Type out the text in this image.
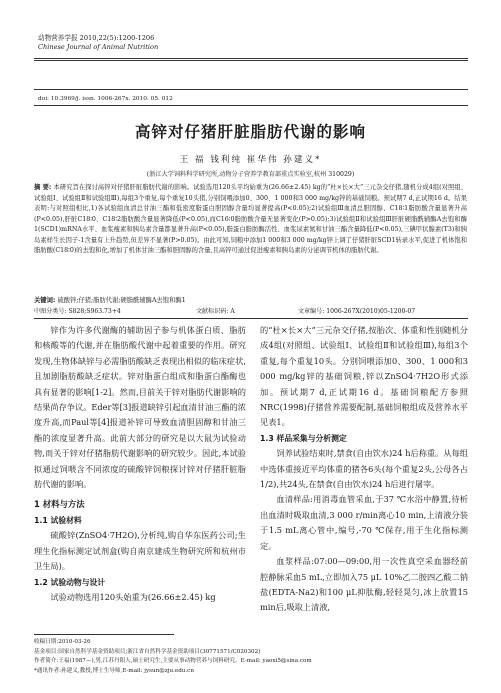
动物营养学报 2010,22(5):1200-1206
Chinese Journal of Animal Nutrition
doi: 10.3969/j. issn. 1006-267x. 2010. 05. 012
高锌对仔猪肝脏脂肪代谢的影响
王 福 钱利纯 崔华伟 孙建义*
(浙江大学饲料科学研究所,动物分子营养学教育部重点实验室,杭州 310029)
摘 要: 本研究旨在探讨高锌对仔猪肝脏脂肪代谢的影响。试验选用120头平均始重为(26.66±2.45) kg的“杜×长×大”三元杂交仔猪,随机分成4组(对照组、试验组Ⅰ、试验组Ⅱ和试验组Ⅲ),每组3个重复,每个重复10头猪,分别饲喂添加0、300、1 000和3 000 mg/kg锌的基础饲粮。预试期7 d,正试期16 d。结果表明:与对照组相比,1)各试验组血清总甘油三酯和低密度脂蛋白胆固醇含量均显著提高(P<0.05);2)试验组Ⅲ血清总胆固醇、C18∶1脂肪酸含量显著升高(P<0.05),肝脏C18∶0、C18∶2脂肪酸含量显著降低(P<0.05),而C16∶0脂肪酸含量无显著变化(P>0.05);3)试验组Ⅱ和试验组Ⅲ肝脏硬脂酰辅酶A去饱和酶1(SCD1)mRNA水平、血浆瘦素和胰岛素含量都显著升高(P<0.05),脂蛋白脂肪酶活性、血浆尿素氮和甘油三酯含量降低(P<0.05),三碘甲状腺素(T3)和胰岛素样生长因子-1含量有上升趋势,但差异不显著(P>0.05)。由此可知,饲粮中添加1 000和3 000 mg/kg锌上调了仔猪肝脏SCD1转录水平,促进了机体饱和脂肪酸(C18∶0)的去饱和化,增加了机体甘油三酯和胆固醇的含量,且高锌可通过促进瘦素和胰岛素的分泌调节机体的脂肪代谢。
关键词: 硫酸锌;仔猪;脂肪代谢;硬脂酰辅酶A去饱和酶1
中图分类号: S828;S963.73+4	文献标识码: A	文章编号: 1006-267X(2010)05-1200-07

锌作为许多代谢酶的辅助因子参与机体蛋白质、脂肪和核酸等的代谢,并在脂肪酸代谢中起着重要的作用。研究发现,生物体缺锌与必需脂肪酸缺乏表现出相似的临床症状,且加剧脂肪酸缺乏症状。锌对脂蛋白组成和脂蛋白酯酶也具有显著的影响[1-2]。然而,目前关于锌对脂肪代谢影响的结果尚存争议。Eder等[3]报道缺锌引起血清甘油三酯的浓度升高,而Paul等[4]报道补锌可导致血清胆固醇和甘油三酯的浓度显著升高。此前大部分的研究是以大鼠为试验动物,而关于锌对仔猪脂肪代谢影响的研究较少。因此,本试验拟通过饲喂含不同浓度的硫酸锌饲粮探讨锌对仔猪肝脏脂肪代谢的影响。

1 材料与方法
1.1 试验材料

硫酸锌(ZnSO4·7H2O),分析纯,购自华东医药公司;生理生化指标测定试剂盒(购自南京建成生物研究所和杭州市卫生局)。

1.2 试验动物与设计

试验动物选用120头始重为(26.66±2.45) kg

的“杜×长×大”三元杂交仔猪,按胎次、体重和性别随机分成4组(对照组、试验组Ⅰ、试验组Ⅱ和试验组Ⅲ),每组3个重复,每个重复10头。分别饲喂添加0、300、1 000和3 000 mg/kg锌的基础饲粮,锌以ZnSO4·7H2O形式添加。预试期7 d,正试期16 d。基础饲粮配方参照NRC(1998)仔猪营养需要配制,基础饲粮组成及营养水平见表1。

1.3 样品采集与分析测定

饲养试验结束时,禁食(自由饮水)24 h后称重。从每组中选体重接近平均体重的猪各6头(每个重复2头,公母各占1/2),共24头,在禁食(自由饮水)24 h后进行屠宰。

血清样品:用消毒血管采血,于37 ℃水浴中静置,待析出血清时吸取血清,3 000 r/min离心10 min,上清液分装于1.5 mL离心管中,编号,-70 ℃保存,用于生化指标测定。

血浆样品:07:00—09:00,用一次性真空采血器经前腔静脉采血5 mL,立即加入75 μL 10%乙二胺四乙酸二钠盐(EDTA-Na2)和100 μL抑肽酶,轻轻晃匀,冰上放置15 min后,吸取上清液,

收稿日期:2010-03-26
基金项目:国家自然科学基金资助项目;浙江省自然科学基金资助项目(30771571/C020302)
作者简介:王福(1987—),男,江苏丹阳人,硕士研究生,主要从事动物营养与饲料研究。E-mail: yaoxi5@sina.com
*通讯作者:孙建义,教授,博士生导师,E-mail: jysun@zju.edu.cn
